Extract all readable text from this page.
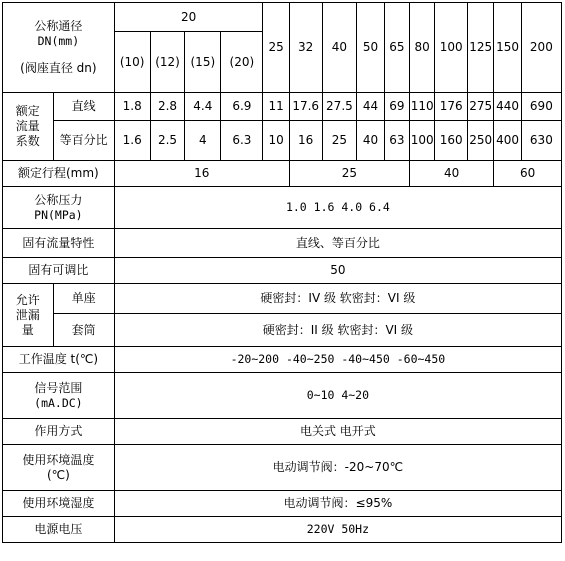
公称通径
DN(mm)
(阀座直径 dn)		20				25	32	40	50	65	80	100	125	150	200
		(10)	(12)	(15)	(20)										

额定
流量
系数	直线	1.8	2.8	4.4	6.9	11	17.6	27.5	44	69	110	176	275	440	690
	等百分比	1.6	2.5	4	6.3	10	16	25	40	63	100	160	250	400	630
额定行程(mm)		16					25				40			60	

公称压力
PN(MPa)		1.0 1.6 4.0 6.4													
固有流量特性		直线、等百分比													
固有可调比		50													

允许
泄漏
量	单座	硬密封：IV 级 软密封：VI 级													
	套筒	硬密封：II 级 软密封：VI 级													
工作温度 t(℃)		-20~200 -40~250 -40~450 -60~450													

信号范围
(mA.DC)		0~10 4~20													
作用方式		电关式 电开式													

使用环境温度
(℃)		电动调节阀：-20~70℃													
使用环境湿度		电动调节阀：≤95%													
电源电压		220V 50Hz													
